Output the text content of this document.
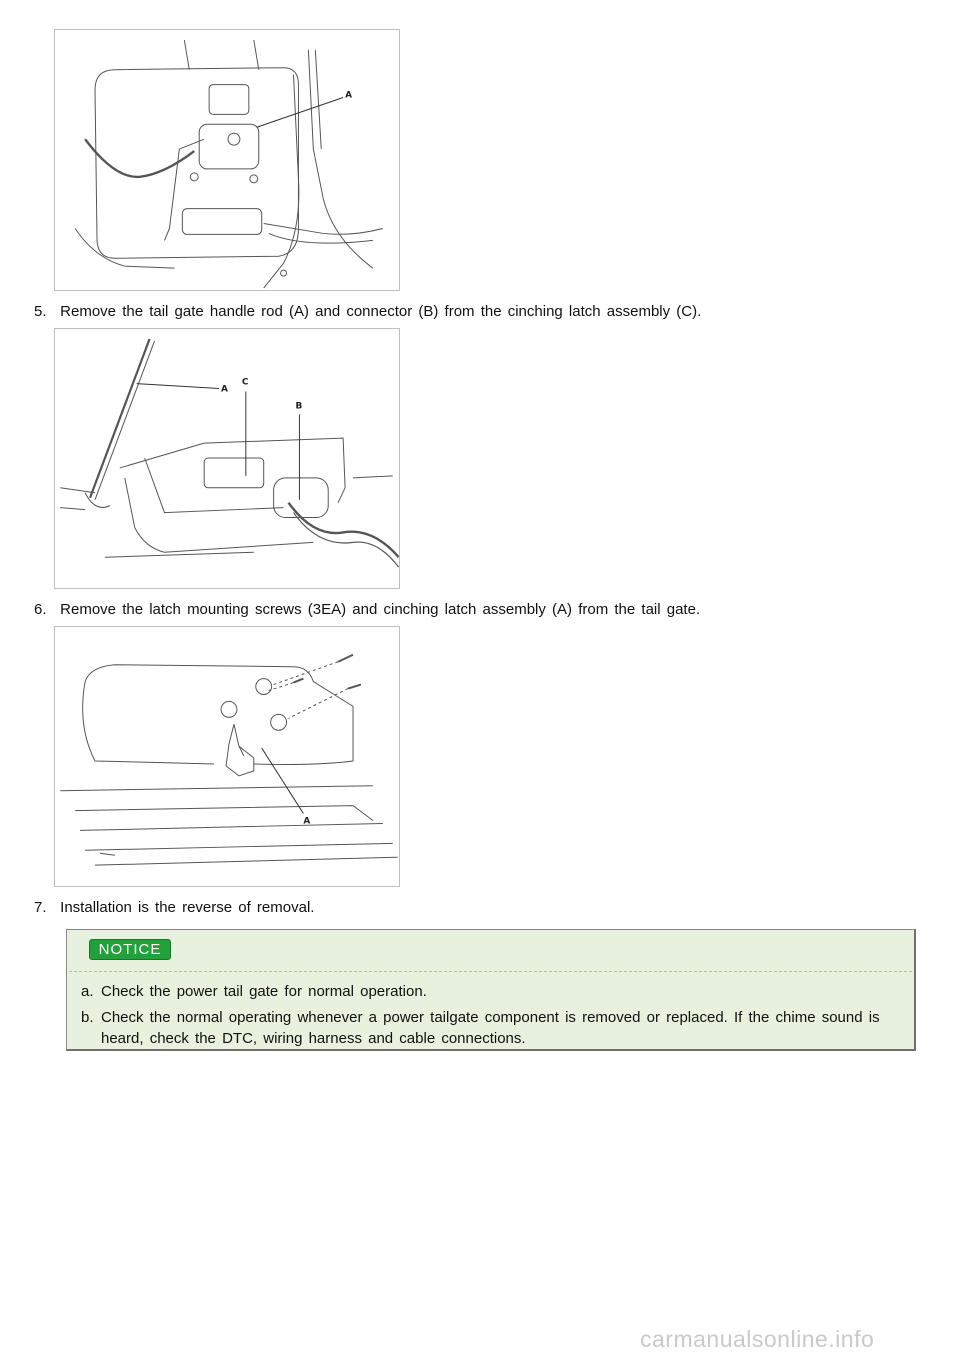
A
5. Remove the tail gate handle rod (A) and connector (B) from the cinching latch assembly (C).
A
C
B
6. Remove the latch mounting screws (3EA) and cinching latch assembly (A) from the tail gate.
A
7. Installation is the reverse of removal.
NOTICE
a. Check the power tail gate for normal operation.
b. Check the normal operating whenever a power tailgate component is removed or replaced. If the chime sound is heard, check the DTC, wiring harness and cable connections.
carmanualsonline.info
